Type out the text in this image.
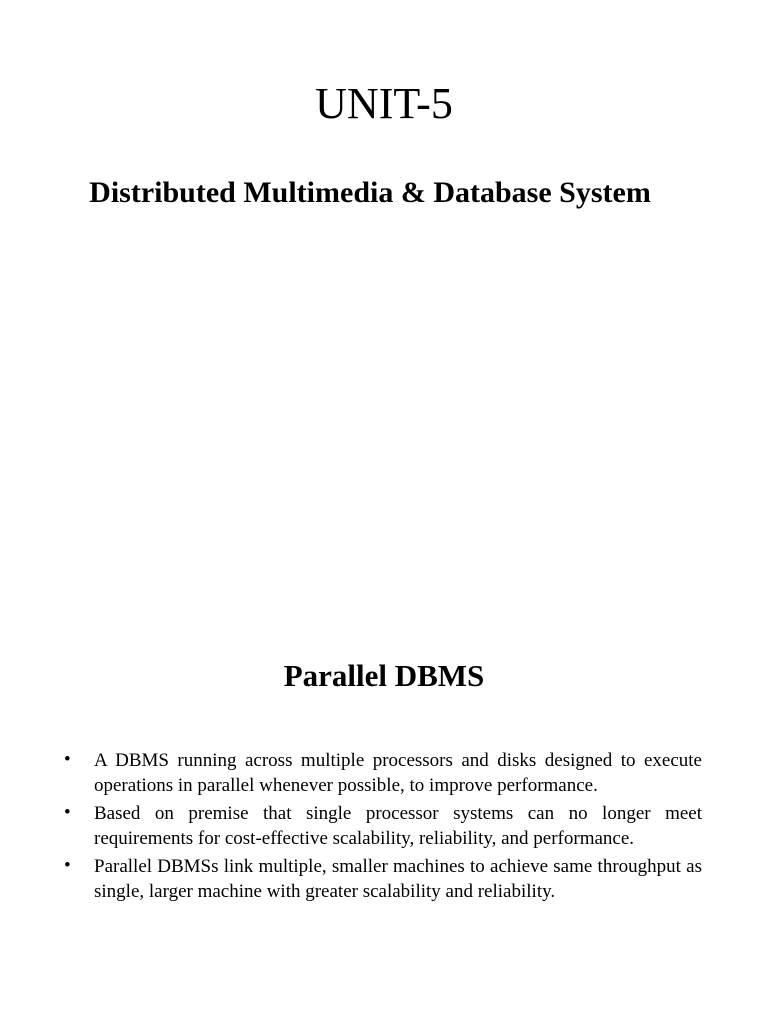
UNIT-5
Distributed Multimedia & Database System
Parallel DBMS
• A DBMS running across multiple processors and disks designed to execute operations in parallel whenever possible, to improve performance.
• Based on premise that single processor systems can no longer meet requirements for cost-effective scalability, reliability, and performance.
• Parallel DBMSs link multiple, smaller machines to achieve same throughput as single, larger machine with greater scalability and reliability.
